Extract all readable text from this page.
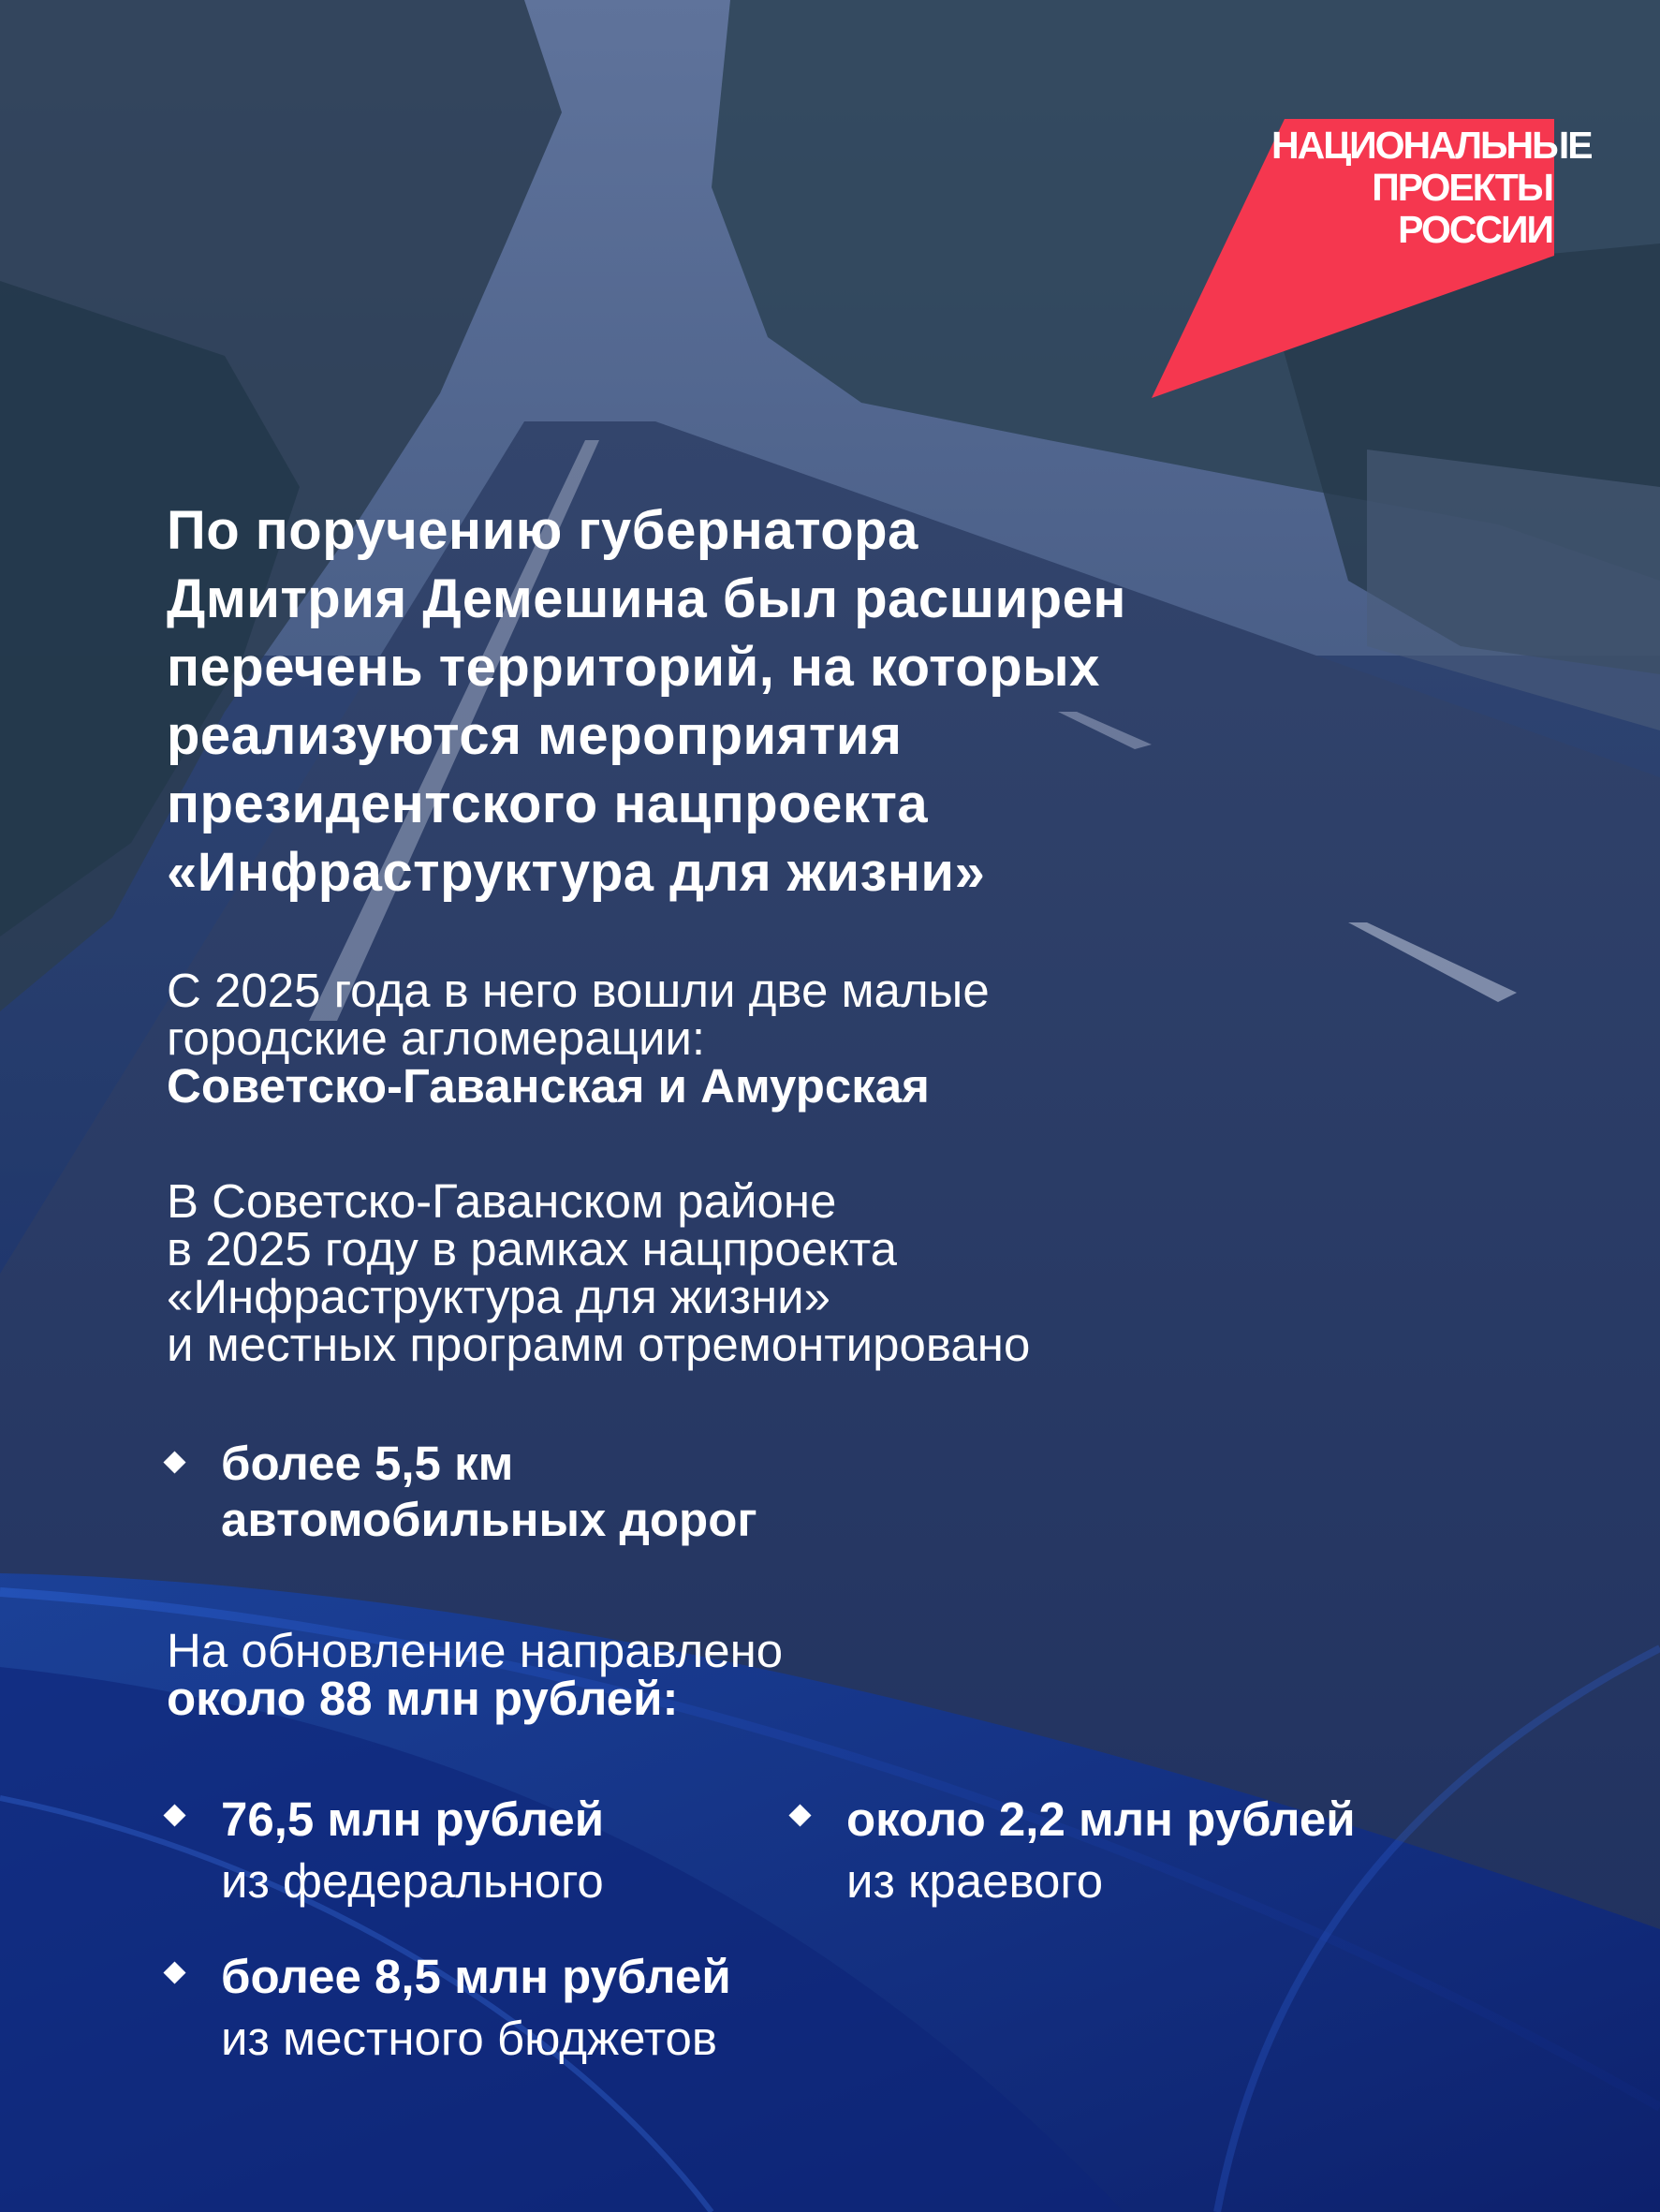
НАЦИОНАЛЬНЫЕ
ПРОЕКТЫ
РОССИИ
По поручению губернатора
Дмитрия Демешина был расширен
перечень территорий, на которых
реализуются мероприятия
президентского нацпроекта
«Инфраструктура для жизни»
С 2025 года в него вошли две малые
городские агломерации:
Советско-Гаванская и Амурская
В Советско-Гаванском районе
в 2025 году в рамках нацпроекта
«Инфраструктура для жизни»
и местных программ отремонтировано
более 5,5 км
автомобильных дорог
На обновление направлено
около 88 млн рублей:
76,5 млн рублей
из федерального
около 2,2 млн рублей
из краевого
более 8,5 млн рублей
из местного бюджетов
